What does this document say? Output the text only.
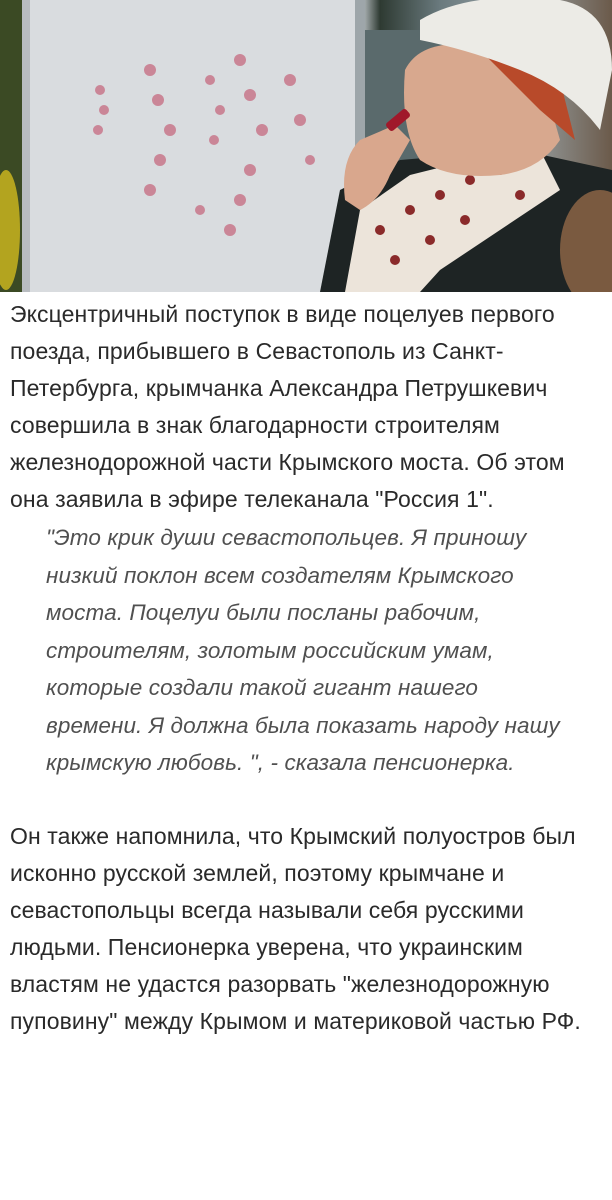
Эксцентричный поступок в виде поцелуев первого поезда, прибывшего в Севастополь из Санкт-Петербурга, крымчанка Александра Петрушкевич совершила в знак благодарности строителям железнодорожной части Крымского моста. Об этом она заявила в эфире телеканала "Россия 1".

"Это крик души севастопольцев. Я приношу низкий поклон всем создателям Крымского моста. Поцелуи были посланы рабочим, строителям, золотым российским умам, которые создали такой гигант нашего времени. Я должна была показать народу нашу крымскую любовь. ", - сказала пенсионерка.

Он также напомнила, что Крымский полуостров был исконно русской землей, поэтому крымчане и севастопольцы всегда называли себя русскими людьми. Пенсионерка уверена, что украинским властям не удастся разорвать "железнодорожную пуповину" между Крымом и материковой частью РФ.
